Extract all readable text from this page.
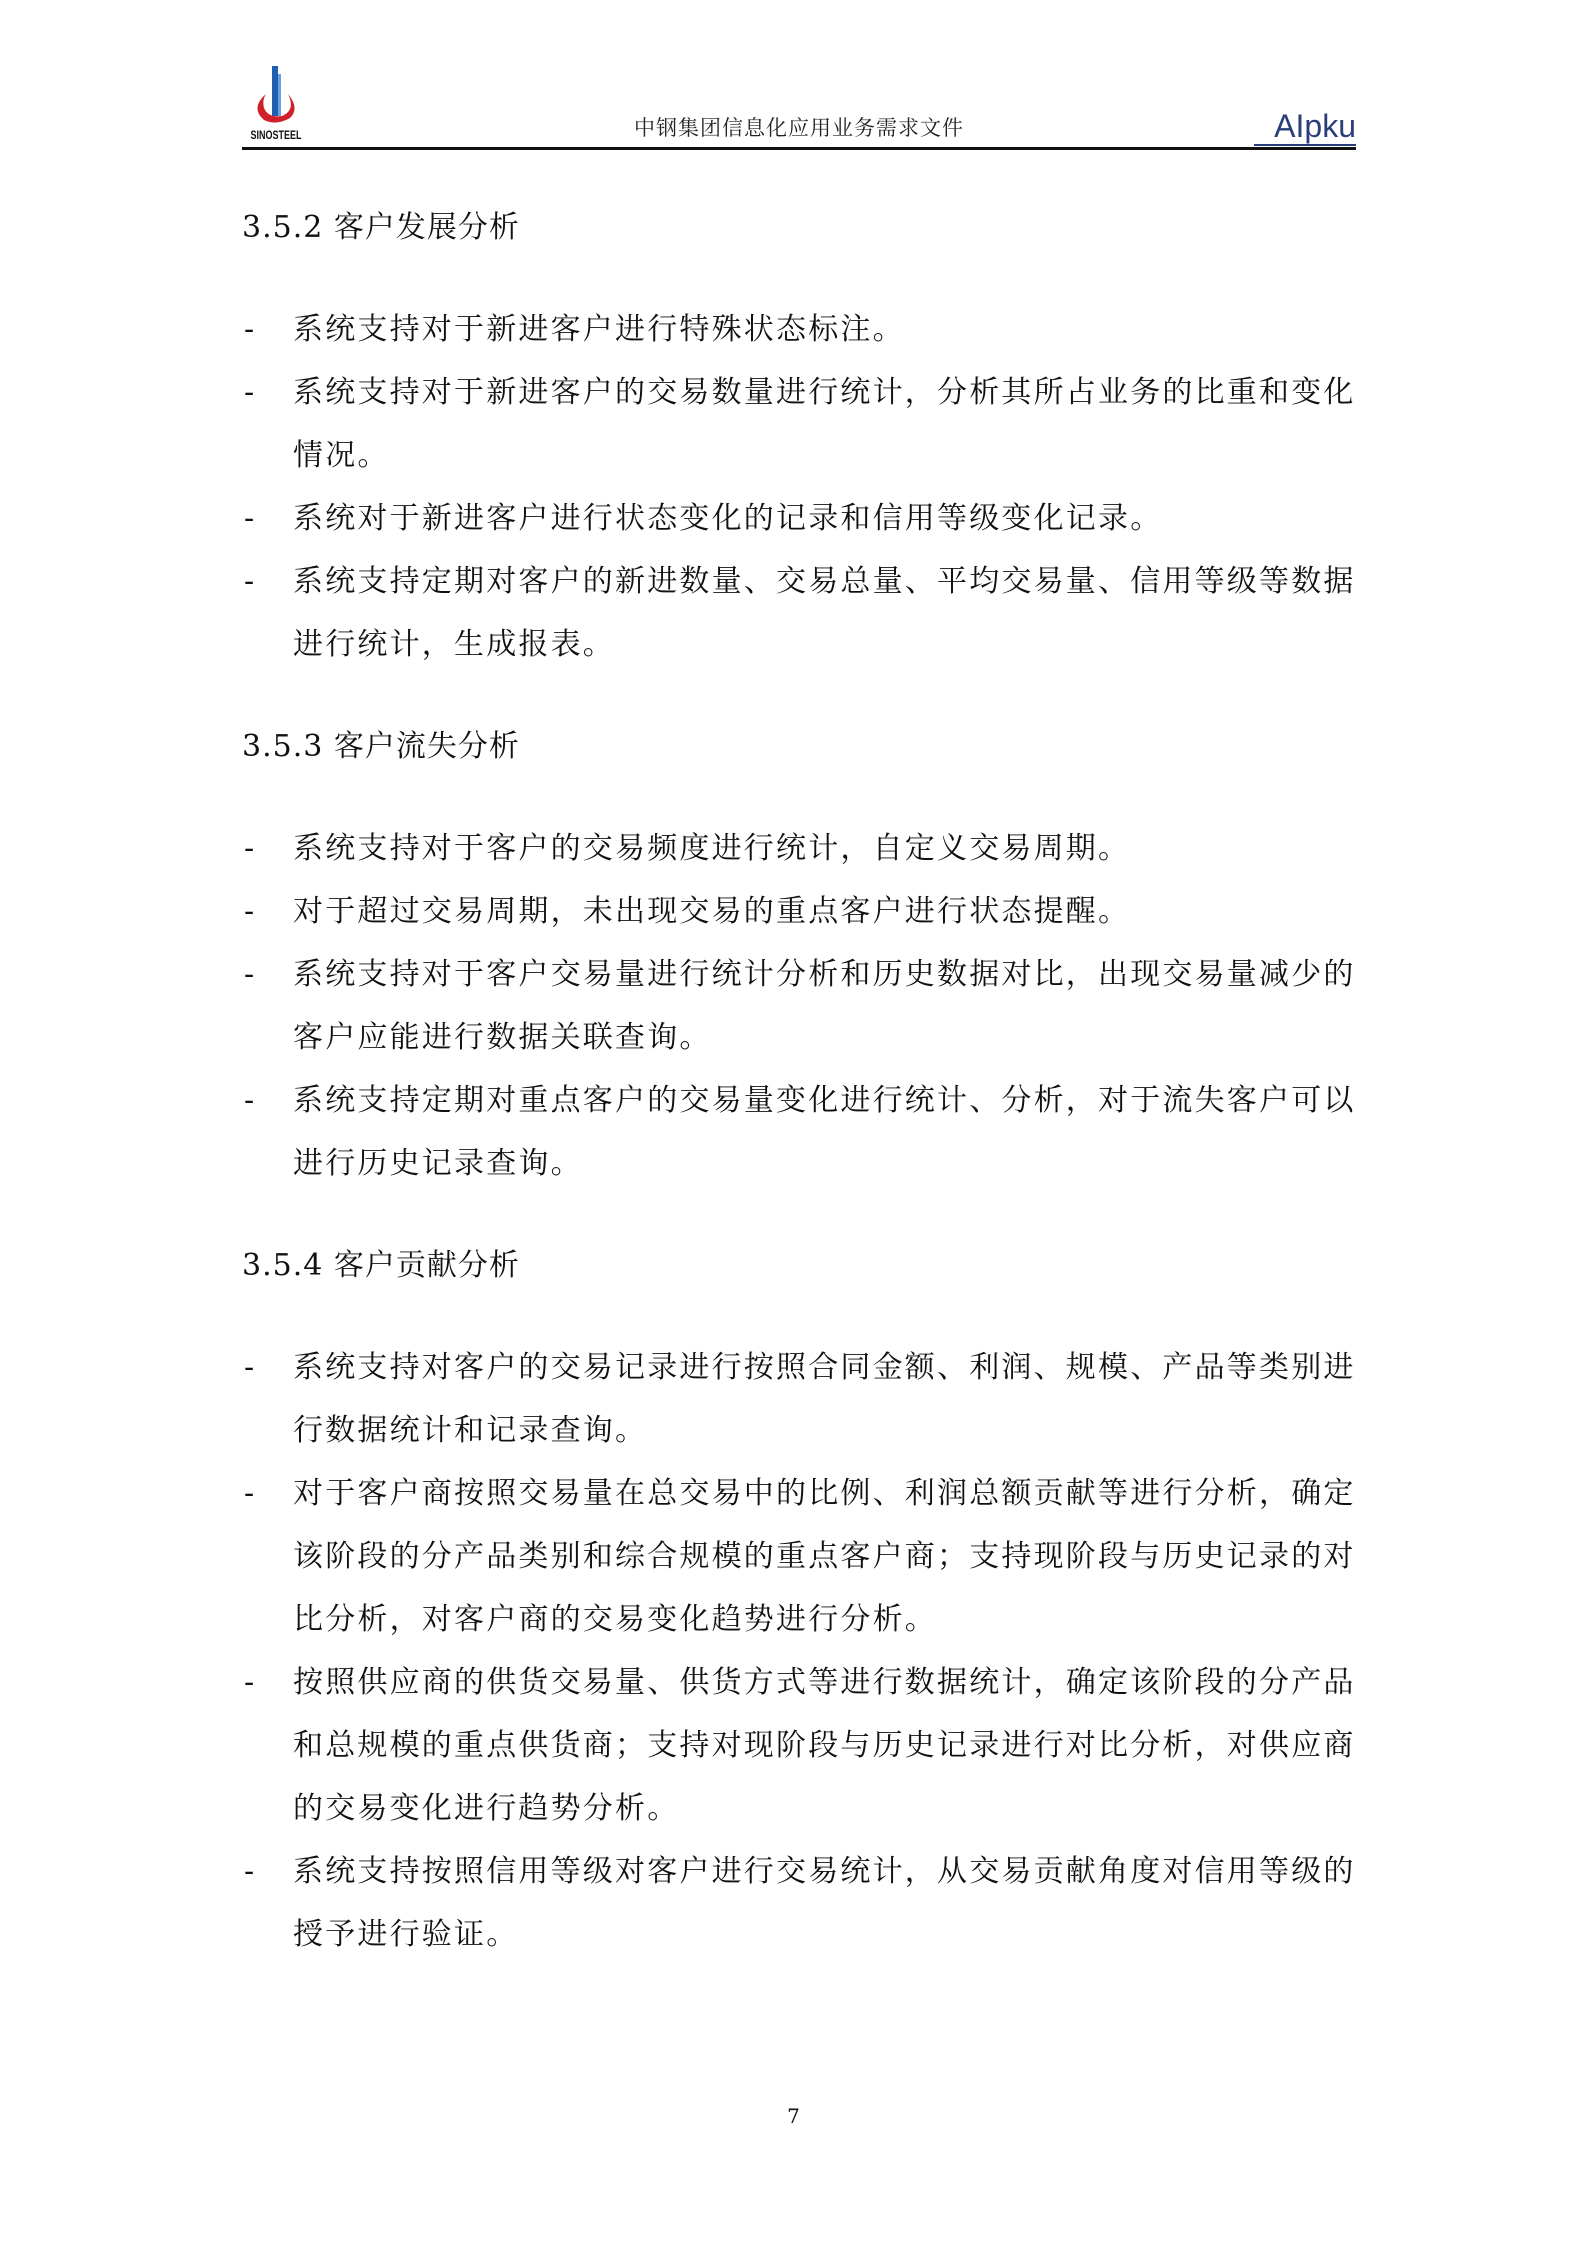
SINOSTEEL	中钢集团信息化应用业务需求文件	AIpku
3.5.2 客户发展分析
- 系统支持对于新进客户进行特殊状态标注。
- 系统支持对于新进客户的交易数量进行统计，分析其所占业务的比重和变化
情况。
- 系统对于新进客户进行状态变化的记录和信用等级变化记录。
- 系统支持定期对客户的新进数量、交易总量、平均交易量、信用等级等数据
进行统计，生成报表。
3.5.3 客户流失分析
- 系统支持对于客户的交易频度进行统计，自定义交易周期。
- 对于超过交易周期，未出现交易的重点客户进行状态提醒。
- 系统支持对于客户交易量进行统计分析和历史数据对比，出现交易量减少的
客户应能进行数据关联查询。
- 系统支持定期对重点客户的交易量变化进行统计、分析，对于流失客户可以
进行历史记录查询。
3.5.4 客户贡献分析
- 系统支持对客户的交易记录进行按照合同金额、利润、规模、产品等类别进
行数据统计和记录查询。
- 对于客户商按照交易量在总交易中的比例、利润总额贡献等进行分析，确定
该阶段的分产品类别和综合规模的重点客户商；支持现阶段与历史记录的对
比分析，对客户商的交易变化趋势进行分析。
- 按照供应商的供货交易量、供货方式等进行数据统计，确定该阶段的分产品
和总规模的重点供货商；支持对现阶段与历史记录进行对比分析，对供应商
的交易变化进行趋势分析。
- 系统支持按照信用等级对客户进行交易统计，从交易贡献角度对信用等级的
授予进行验证。
7
